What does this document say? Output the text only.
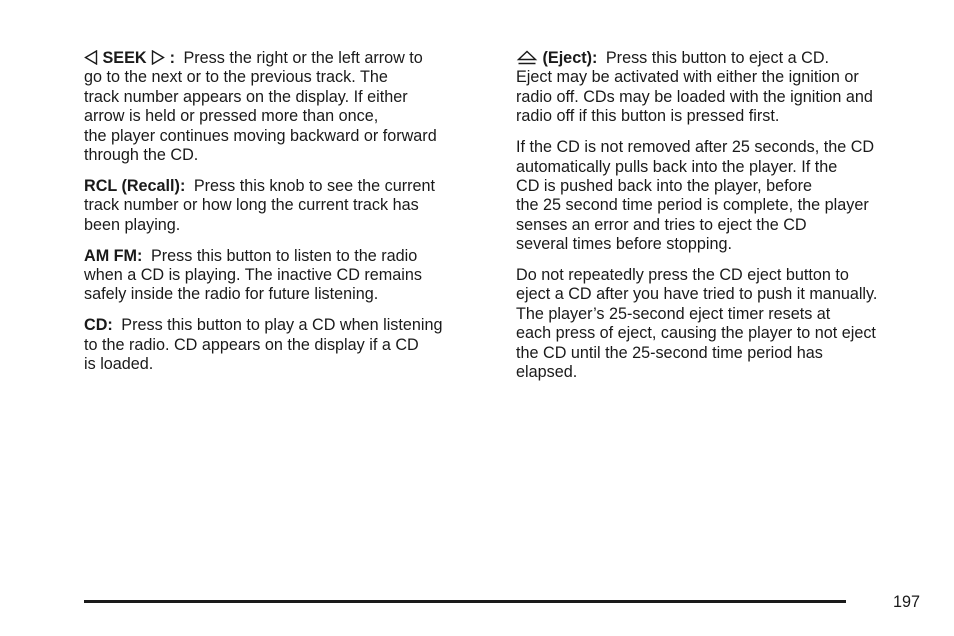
SEEK : Press the right or the left arrow to
go to the next or to the previous track. The
track number appears on the display. If either
arrow is held or pressed more than once,
the player continues moving backward or forward
through the CD.

RCL (Recall): Press this knob to see the current
track number or how long the current track has
been playing.

AM FM: Press this button to listen to the radio
when a CD is playing. The inactive CD remains
safely inside the radio for future listening.

CD: Press this button to play a CD when listening
to the radio. CD appears on the display if a CD
is loaded.

(Eject): Press this button to eject a CD.
Eject may be activated with either the ignition or
radio off. CDs may be loaded with the ignition and
radio off if this button is pressed first.

If the CD is not removed after 25 seconds, the CD
automatically pulls back into the player. If the
CD is pushed back into the player, before
the 25 second time period is complete, the player
senses an error and tries to eject the CD
several times before stopping.

Do not repeatedly press the CD eject button to
eject a CD after you have tried to push it manually.
The player’s 25-second eject timer resets at
each press of eject, causing the player to not eject
the CD until the 25-second time period has
elapsed.

197
